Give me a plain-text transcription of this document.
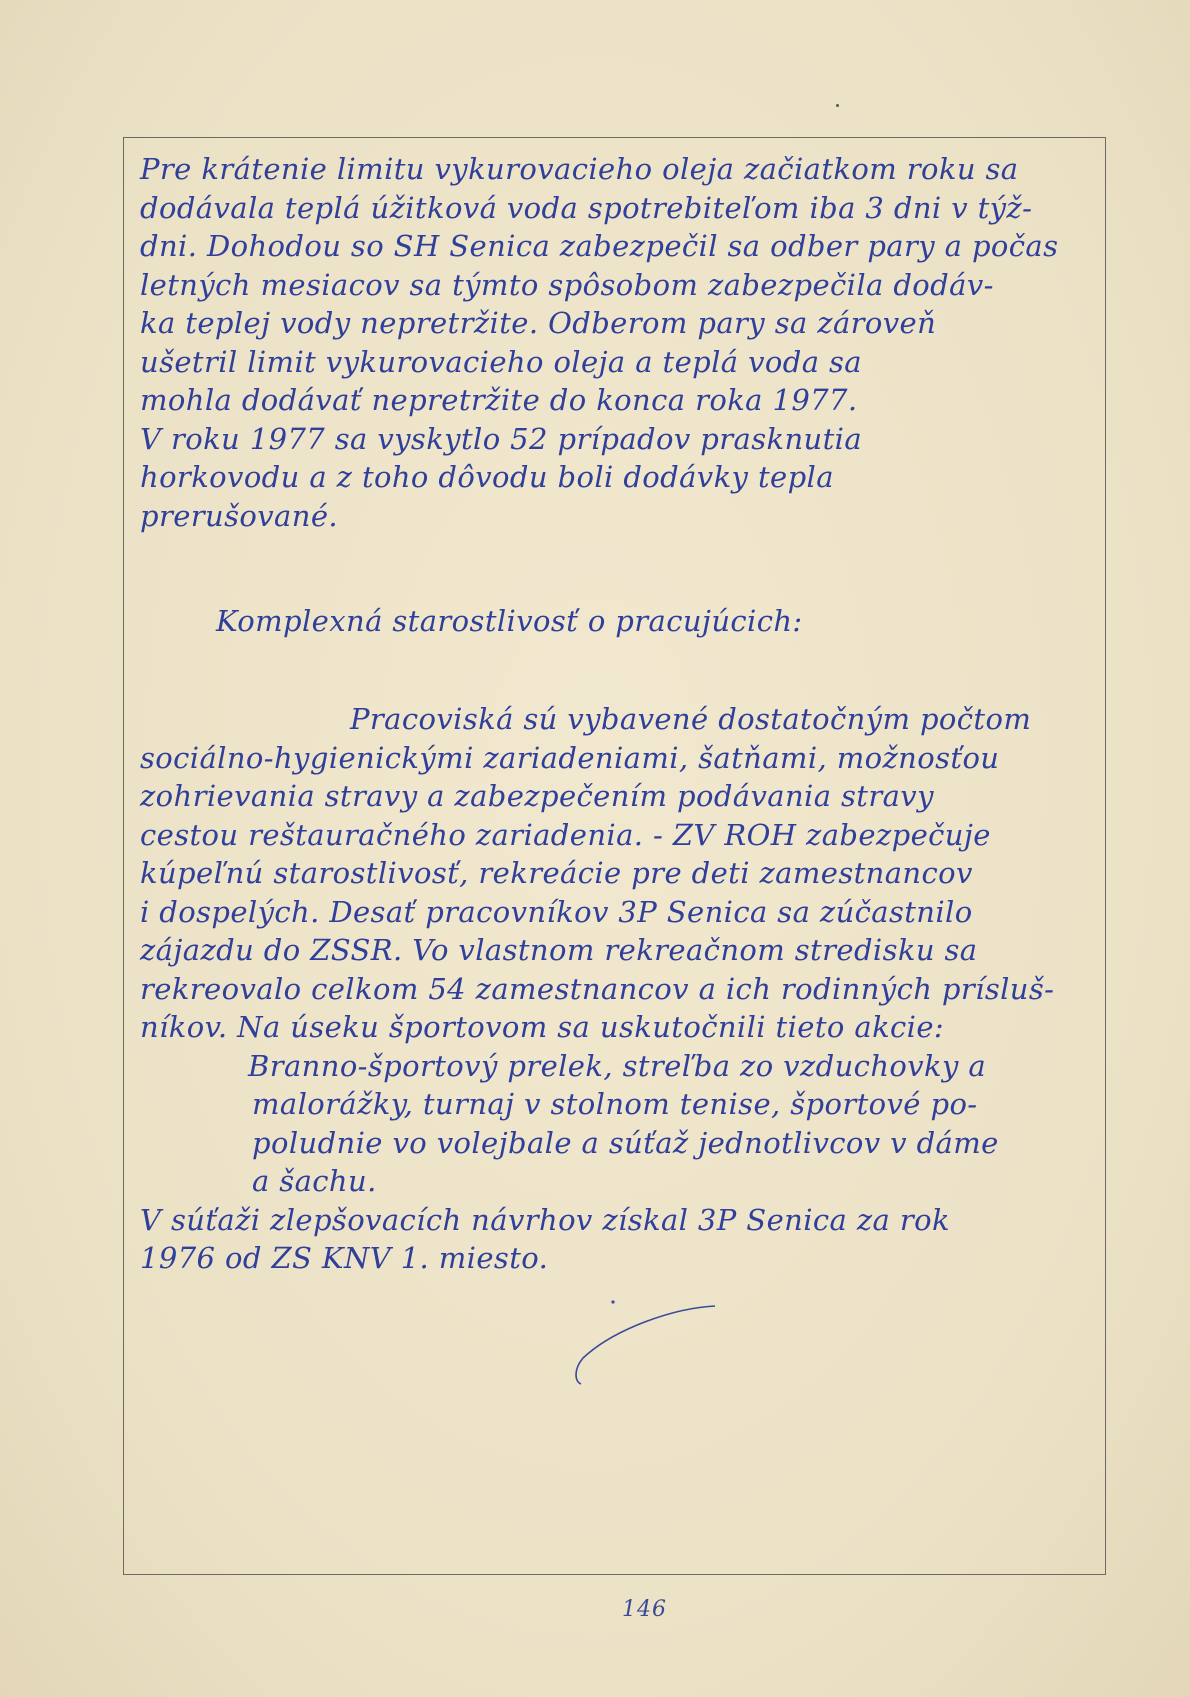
Pre krátenie limitu vykurovacieho oleja začiatkom roku sa
dodávala teplá úžitková voda spotrebiteľom iba 3 dni v týž-
dni. Dohodou so SH Senica zabezpečil sa odber pary a počas
letných mesiacov sa týmto spôsobom zabezpečila dodáv-
ka teplej vody nepretržite. Odberom pary sa zároveň
ušetril limit vykurovacieho oleja a teplá voda sa
mohla dodávať nepretržite do konca roka 1977.
V roku 1977 sa vyskytlo 52 prípadov prasknutia
horkovodu a z toho dôvodu boli dodávky tepla
prerušované.
Komplexná starostlivosť o pracujúcich:
Pracoviská sú vybavené dostatočným počtom
sociálno-hygienickými zariadeniami, šatňami, možnosťou
zohrievania stravy a zabezpečením podávania stravy
cestou reštauračného zariadenia. - ZV ROH zabezpečuje
kúpeľnú starostlivosť, rekreácie pre deti zamestnancov
i dospelých. Desať pracovníkov 3P Senica sa zúčastnilo
zájazdu do ZSSR. Vo vlastnom rekreačnom stredisku sa
rekreovalo celkom 54 zamestnancov a ich rodinných prísluš-
níkov. Na úseku športovom sa uskutočnili tieto akcie:
Branno-športový prelek, streľba zo vzduchovky a
malorážky, turnaj v stolnom tenise, športové po-
poludnie vo volejbale a súťaž jednotlivcov v dáme
a šachu.
V súťaži zlepšovacích návrhov získal 3P Senica za rok
1976 od ZS KNV 1. miesto.
146
